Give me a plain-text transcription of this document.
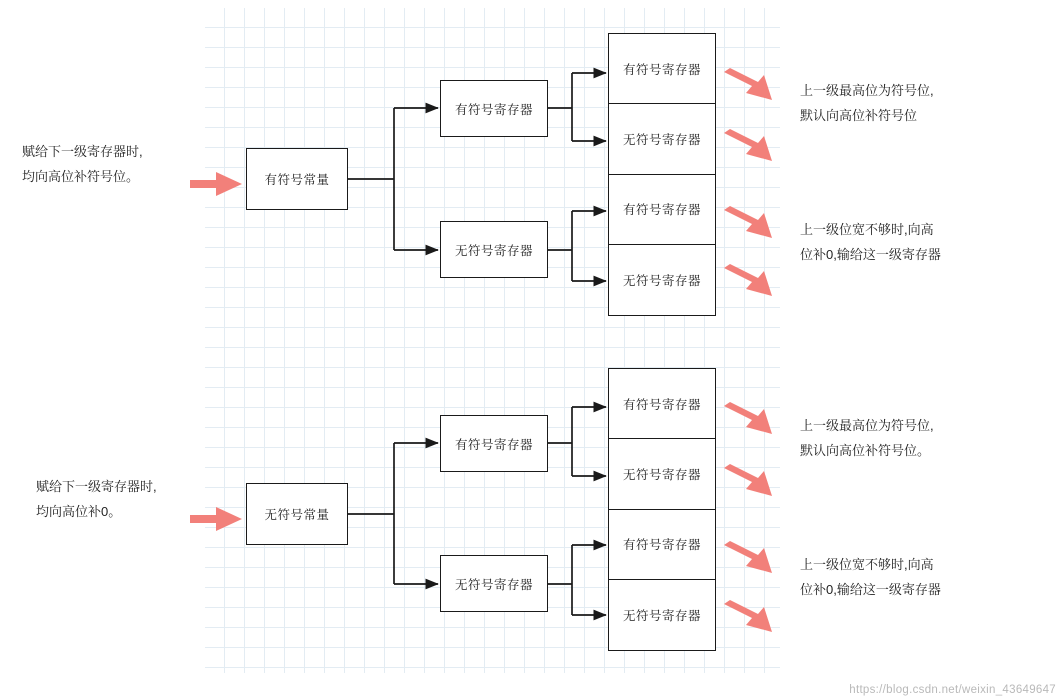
赋给下一级寄存器时,
均向高位补符号位。	有符号常量
有符号寄存器
无符号寄存器
有符号寄存器
无符号寄存器
有符号寄存器
无符号寄存器
上一级最高位为符号位,
默认向高位补符号位
上一级位宽不够时,向高
位补0,输给这一级寄存器
赋给下一级寄存器时,
均向高位补0。	无符号常量
有符号寄存器
无符号寄存器
有符号寄存器
无符号寄存器
有符号寄存器
无符号寄存器
上一级最高位为符号位,
默认向高位补符号位。
上一级位宽不够时,向高
位补0,输给这一级寄存器
https://blog.csdn.net/weixin_43649647
